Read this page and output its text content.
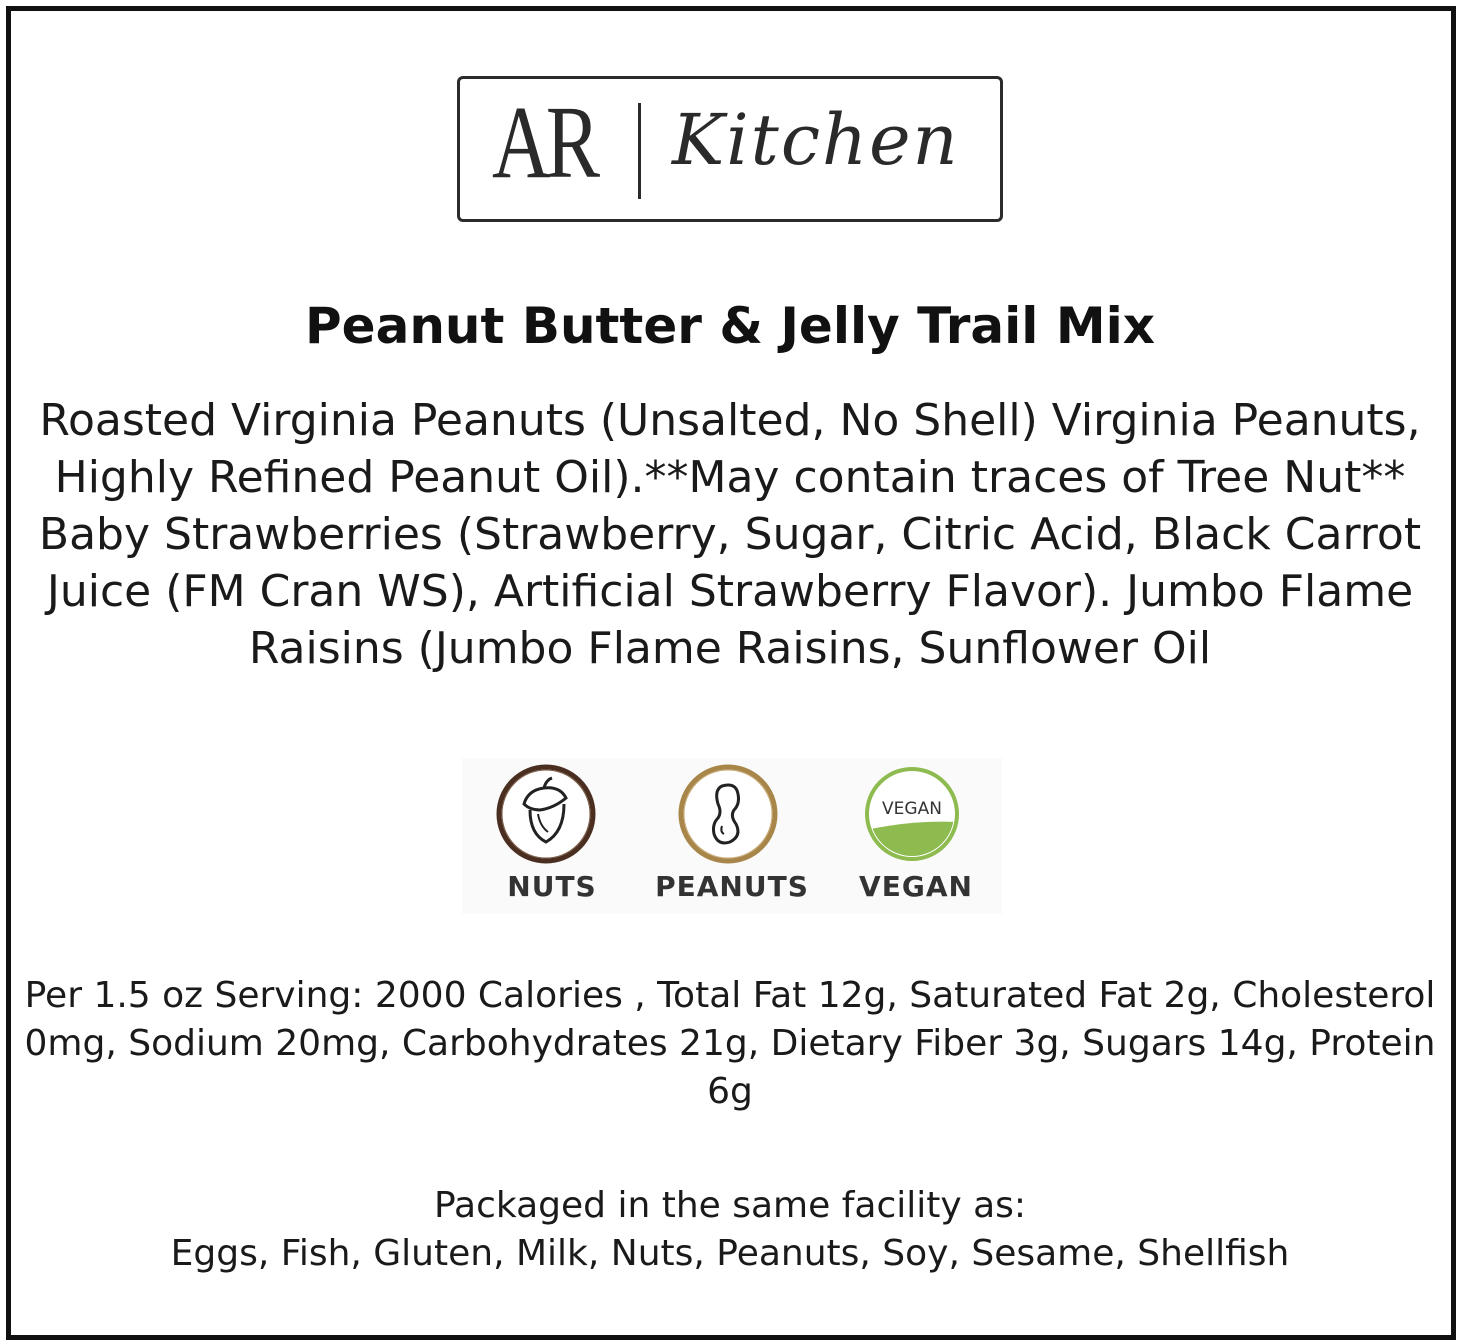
AR Kitchen
Peanut Butter & Jelly Trail Mix
Roasted Virginia Peanuts (Unsalted, No Shell) Virginia Peanuts, Highly Refined Peanut Oil).**May contain traces of Tree Nut** Baby Strawberries (Strawberry, Sugar, Citric Acid, Black Carrot Juice (FM Cran WS), Artificial Strawberry Flavor). Jumbo Flame Raisins (Jumbo Flame Raisins, Sunflower Oil
NUTS	PEANUTS
VEGAN
VEGAN
Per 1.5 oz Serving: 2000 Calories , Total Fat 12g, Saturated Fat 2g, Cholesterol 0mg, Sodium 20mg, Carbohydrates 21g, Dietary Fiber 3g, Sugars 14g, Protein 6g
Packaged in the same facility as:
Eggs, Fish, Gluten, Milk, Nuts, Peanuts, Soy, Sesame, Shellfish
